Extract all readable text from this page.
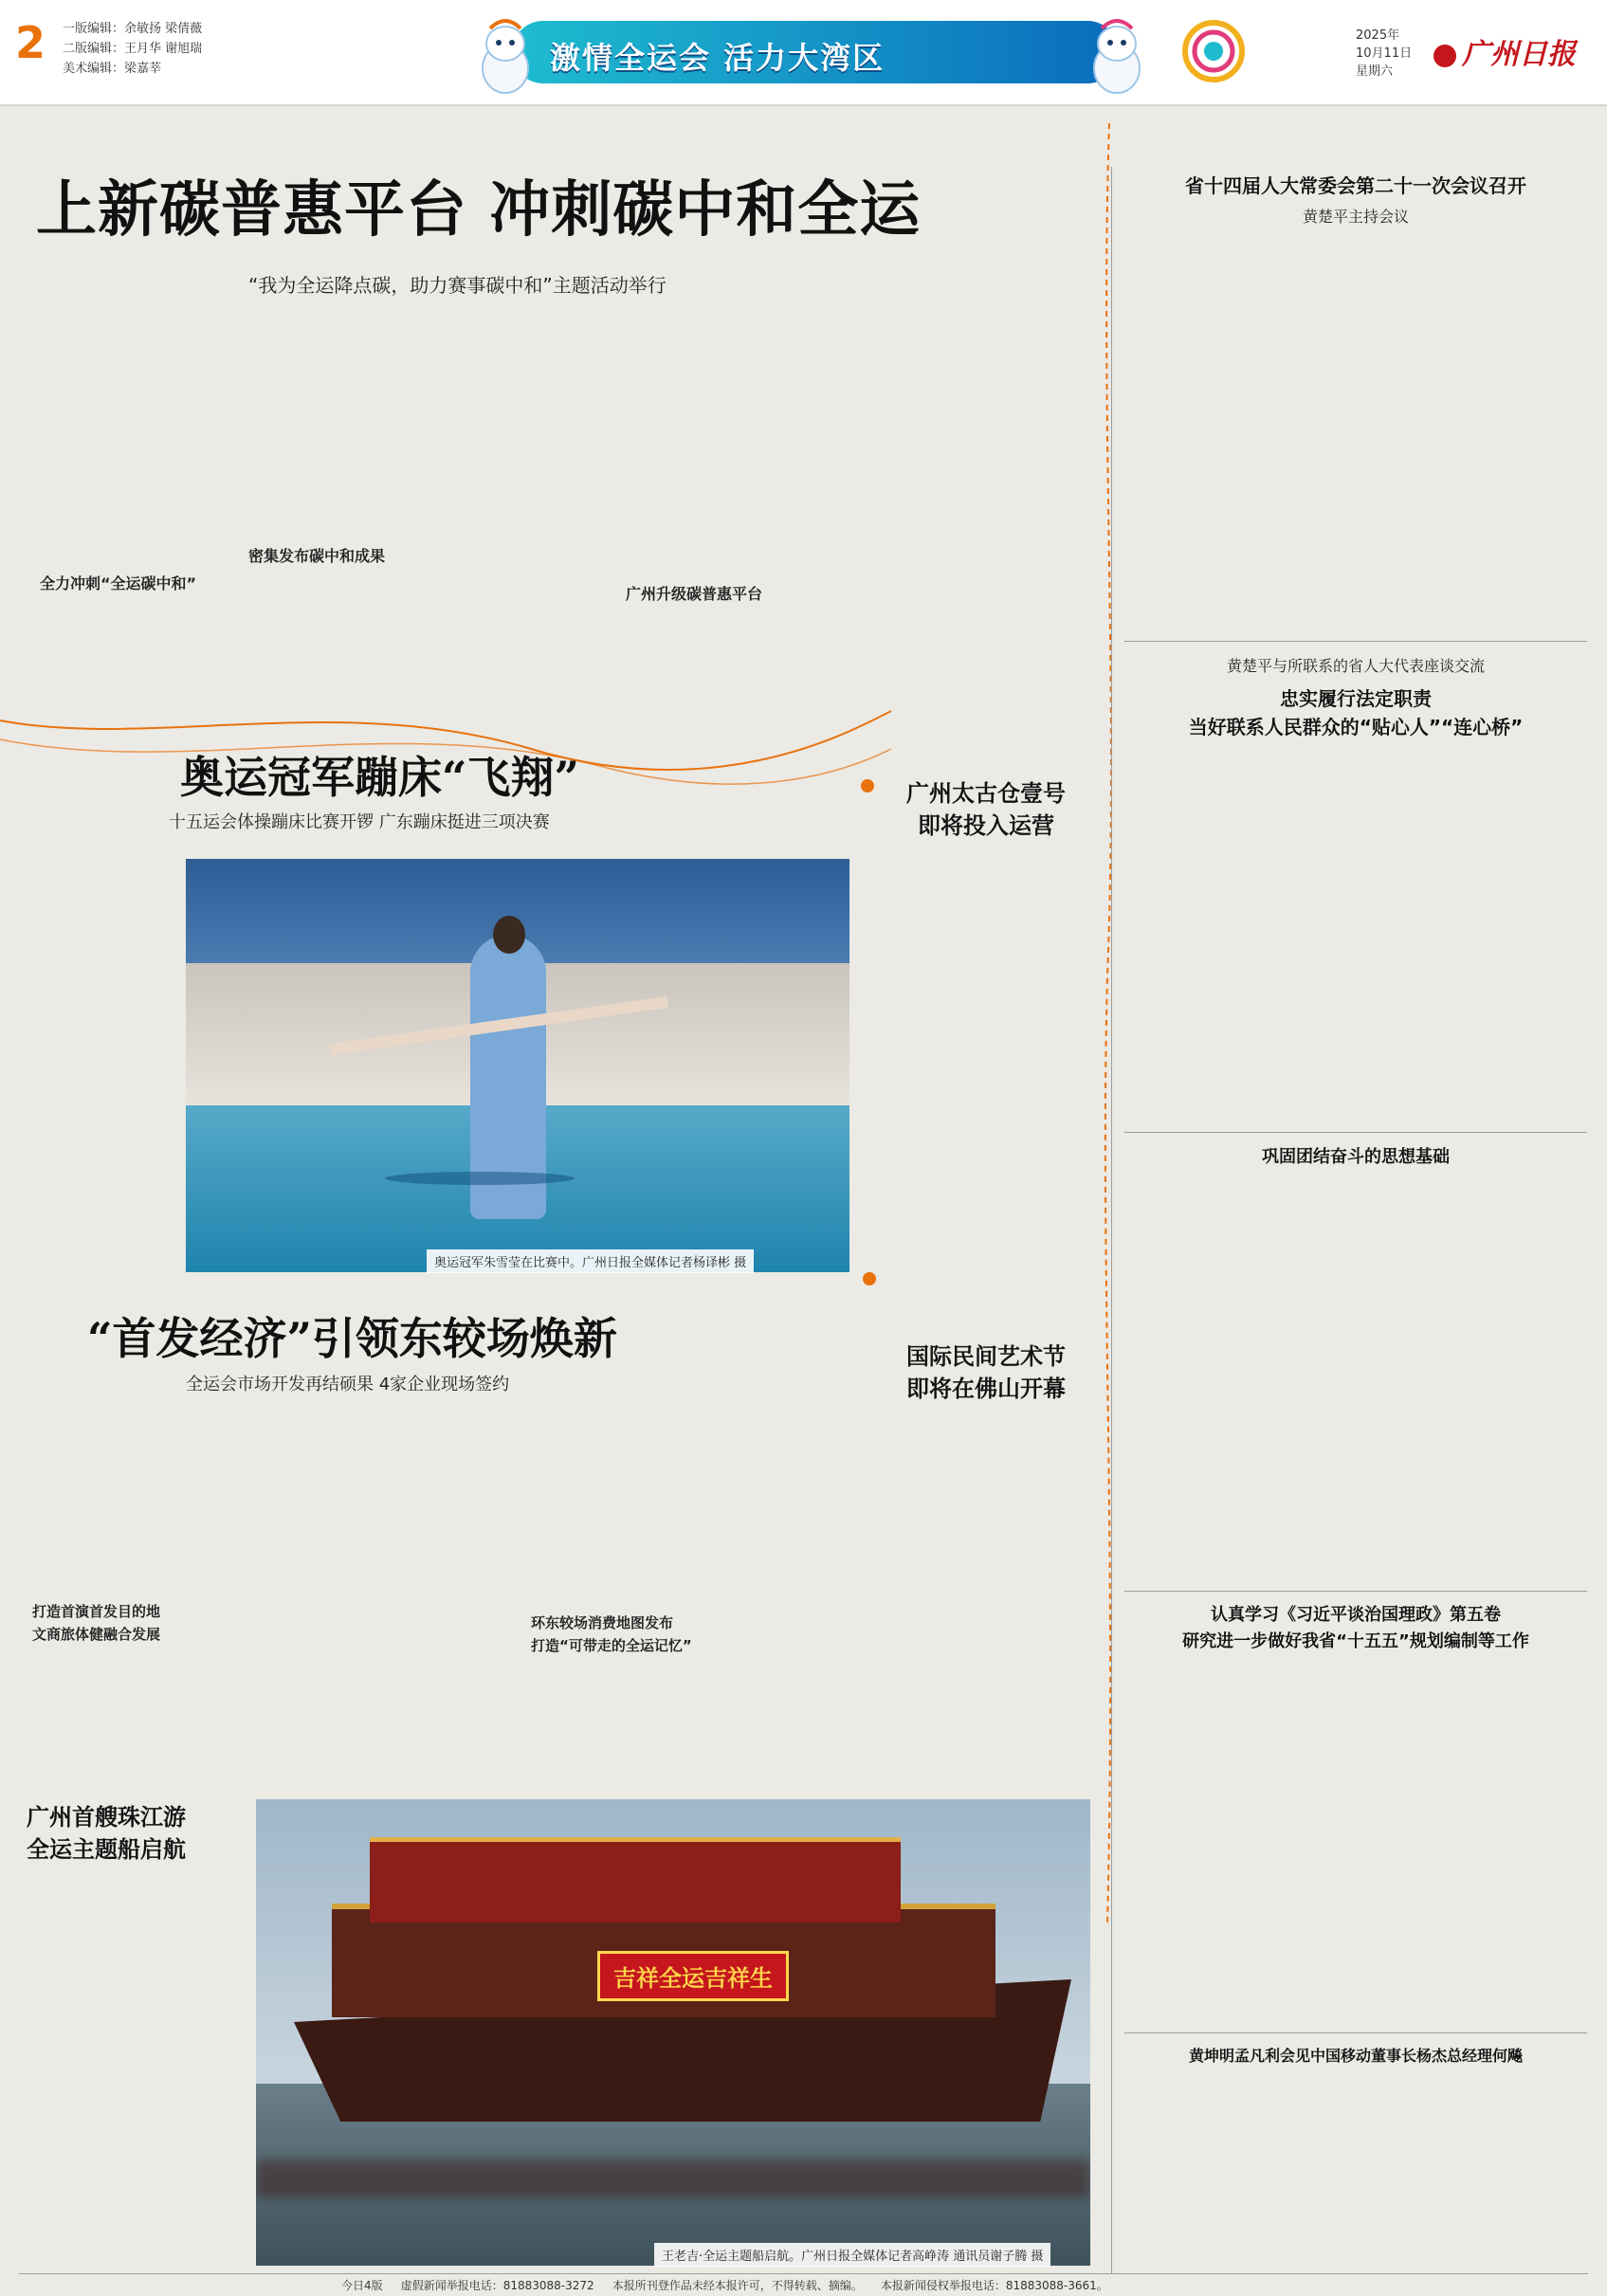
2 一版编辑：余敏扬 梁倩薇
二版编辑：王月华 谢旭瑞
美术编辑：梁嘉莘	激情全运会 活力大湾区
2025年
10月11日
星期六
广州日报
上新碳普惠平台 冲刺碳中和全运
“我为全运降点碳，助力赛事碳中和”主题活动举行
全力冲刺“全运碳中和”
密集发布碳中和成果
广州升级碳普惠平台
奥运冠军蹦床“飞翔”
十五运会体操蹦床比赛开锣 广东蹦床挺进三项决赛
奥运冠军朱雪莹在比赛中。广州日报全媒体记者杨译彬 摄
广州太古仓壹号
即将投入运营
“首发经济”引领东较场焕新
全运会市场开发再结硕果 4家企业现场签约
打造首演首发目的地
文商旅体健融合发展
环东较场消费地图发布
打造“可带走的全运记忆”
国际民间艺术节
即将在佛山开幕
广州首艘珠江游
全运主题船启航
吉祥全运吉祥生
王老吉·全运主题船启航。广州日报全媒体记者高峥涛 通讯员谢子腾 摄
省十四届人大常委会第二十一次会议召开
黄楚平主持会议
黄楚平与所联系的省人大代表座谈交流
忠实履行法定职责
当好联系人民群众的“贴心人”“连心桥”
巩固团结奋斗的思想基础
认真学习《习近平谈治国理政》第五卷
研究进一步做好我省“十五五”规划编制等工作
黄坤明孟凡利会见中国移动董事长杨杰总经理何飚
今日4版 虚假新闻举报电话：81883088-3272 本报所刊登作品未经本报许可，不得转载、摘编。 本报新闻侵权举报电话：81883088-3661。
